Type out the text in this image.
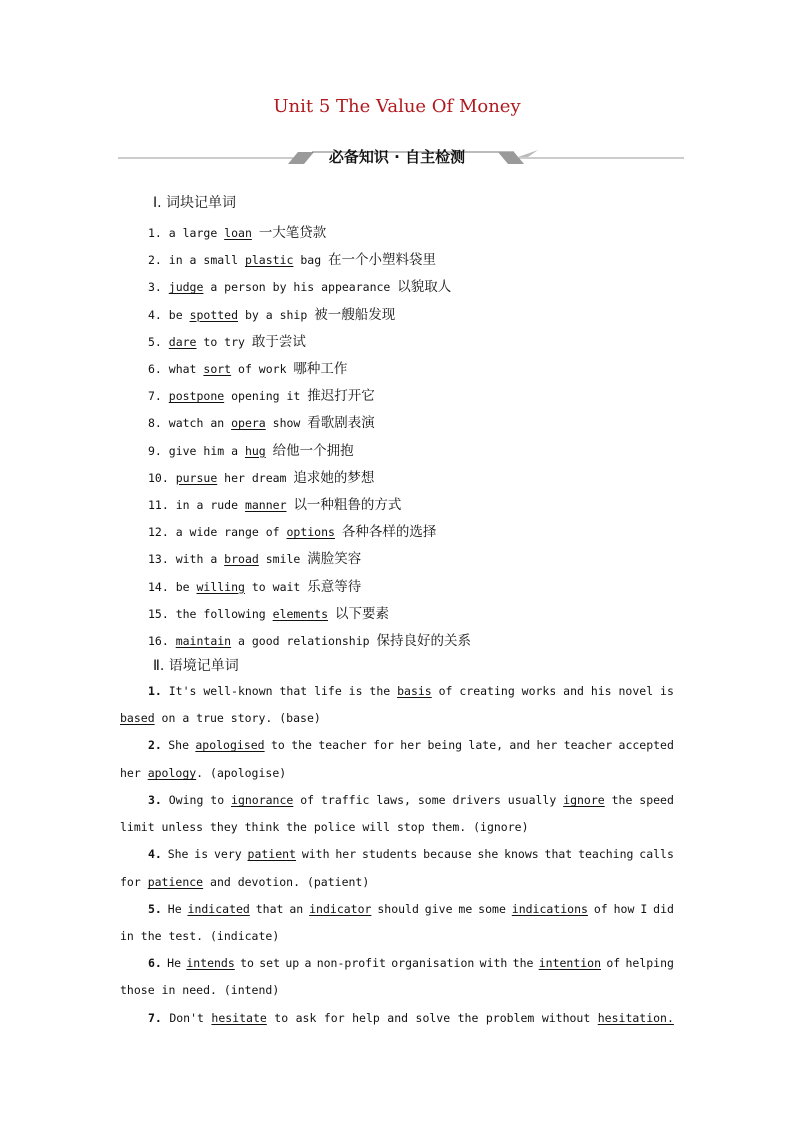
Unit 5 The Value Of Money
必备知识 · 自主检测
Ⅰ. 词块记单词
1. a large loan 一大笔贷款
2. in a small plastic bag 在一个小塑料袋里
3. judge a person by his appearance 以貌取人
4. be spotted by a ship 被一艘船发现
5. dare to try 敢于尝试
6. what sort of work 哪种工作
7. postpone opening it 推迟打开它
8. watch an opera show 看歌剧表演
9. give him a hug 给他一个拥抱
10. pursue her dream 追求她的梦想
11. in a rude manner 以一种粗鲁的方式
12. a wide range of options 各种各样的选择
13. with a broad smile 满脸笑容
14. be willing to wait 乐意等待
15. the following elements 以下要素
16. maintain a good relationship 保持良好的关系
Ⅱ. 语境记单词
1. It's well-known that life is the basis of creating works and his novel is
based on a true story. (base)
2. She apologised to the teacher for her being late, and her teacher accepted
her apology . (apologise)
3. Owing to ignorance of traffic laws, some drivers usually ignore the speed
limit unless they think the police will stop them. (ignore)
4. She is very patient with her students because she knows that teaching calls
for patience and devotion. (patient)
5. He indicated that an indicator should give me some indications of how I did
in the test. (indicate)
6. He intends to set up a non-profit organisation with the intention of helping
those in need. (intend)
7. Don't hesitate to ask for help and solve the problem without hesitation.
